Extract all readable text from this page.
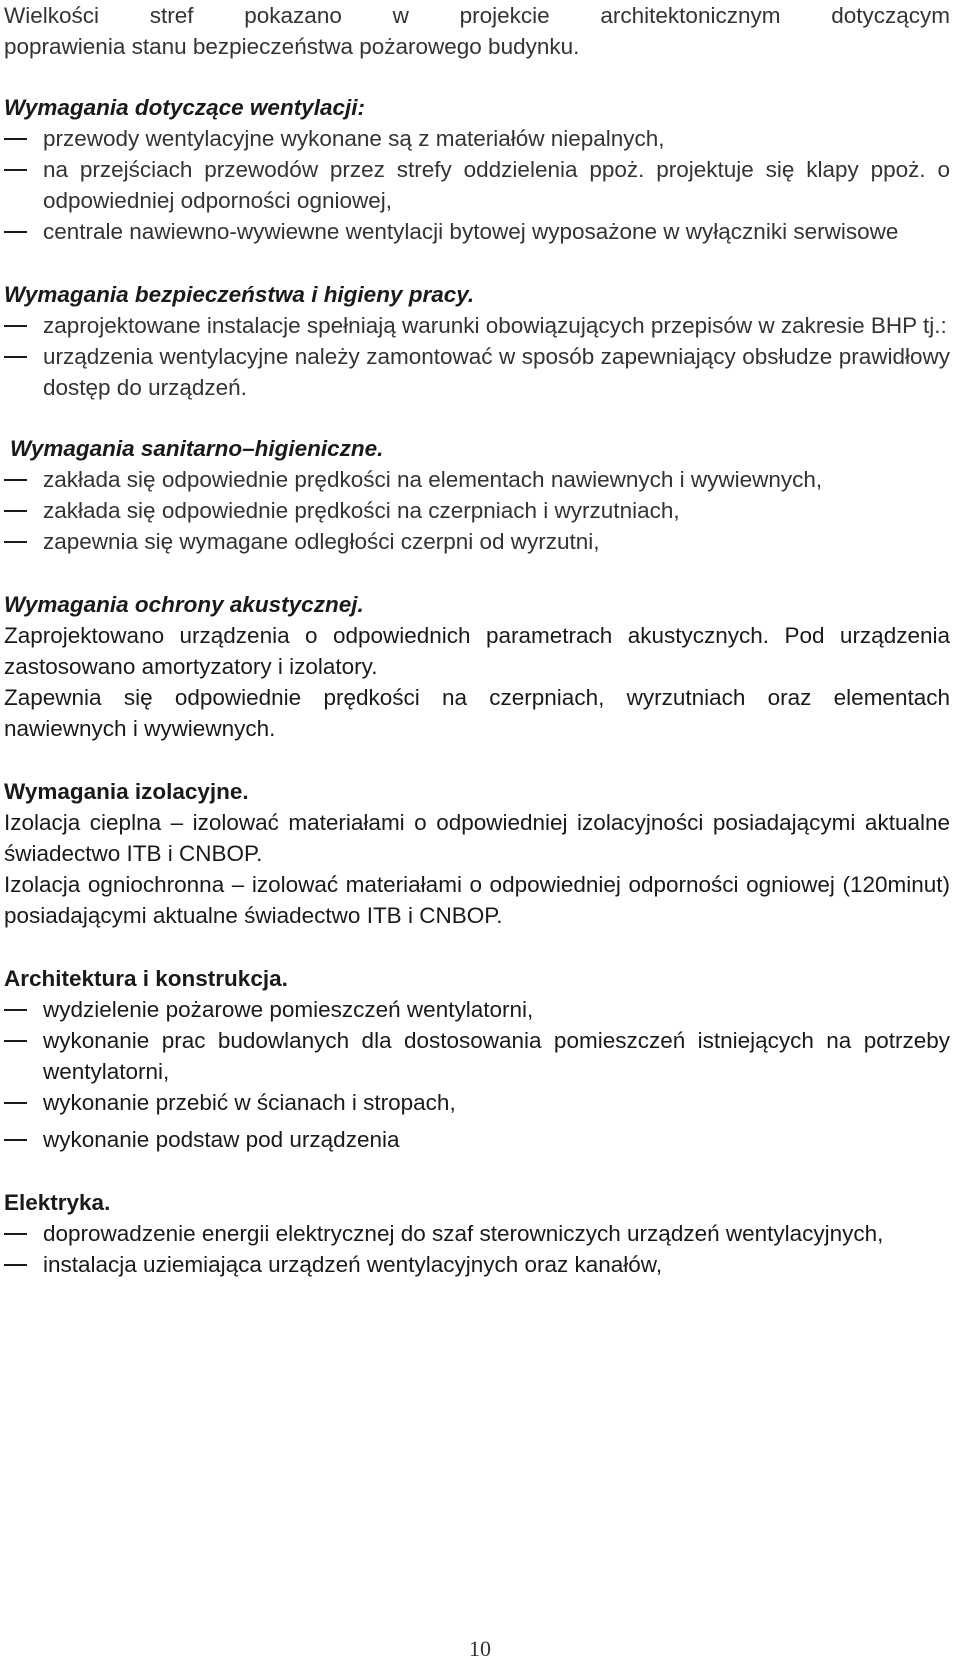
Wielkości stref pokazano w projekcie architektonicznym dotyczącym

poprawienia stanu bezpieczeństwa pożarowego budynku.

Wymagania dotyczące wentylacji:

przewody wentylacyjne wykonane są z materiałów niepalnych,
na przejściach przewodów przez strefy oddzielenia ppoż. projektuje się klapy ppoż. o odpowiedniej odporności ogniowej,
centrale nawiewno-wywiewne wentylacji bytowej wyposażone w wyłączniki serwisowe

Wymagania bezpieczeństwa i higieny pracy.

zaprojektowane instalacje spełniają warunki obowiązujących przepisów w zakresie BHP tj.:
urządzenia wentylacyjne należy zamontować w sposób zapewniający obsłudze prawidłowy dostęp do urządzeń.

Wymagania sanitarno–higieniczne.

zakłada się odpowiednie prędkości na elementach nawiewnych i wywiewnych,
zakłada się odpowiednie prędkości na czerpniach i wyrzutniach,
zapewnia się wymagane odległości czerpni od wyrzutni,

Wymagania ochrony akustycznej.

Zaprojektowano urządzenia o odpowiednich parametrach akustycznych. Pod urządzenia zastosowano amortyzatory i izolatory.

Zapewnia się odpowiednie prędkości na czerpniach, wyrzutniach oraz elementach nawiewnych i wywiewnych.

Wymagania izolacyjne.

Izolacja cieplna – izolować materiałami o odpowiedniej izolacyjności posiadającymi aktualne świadectwo ITB i CNBOP.

Izolacja ogniochronna – izolować materiałami o odpowiedniej odporności ogniowej (120minut) posiadającymi aktualne świadectwo ITB i CNBOP.

Architektura i konstrukcja.

wydzielenie pożarowe pomieszczeń wentylatorni,
wykonanie prac budowlanych dla dostosowania pomieszczeń istniejących na potrzeby wentylatorni,
wykonanie przebić w ścianach i stropach,
wykonanie podstaw pod urządzenia

Elektryka.

doprowadzenie energii elektrycznej do szaf sterowniczych urządzeń wentylacyjnych,
instalacja uziemiająca urządzeń wentylacyjnych oraz kanałów,
10
